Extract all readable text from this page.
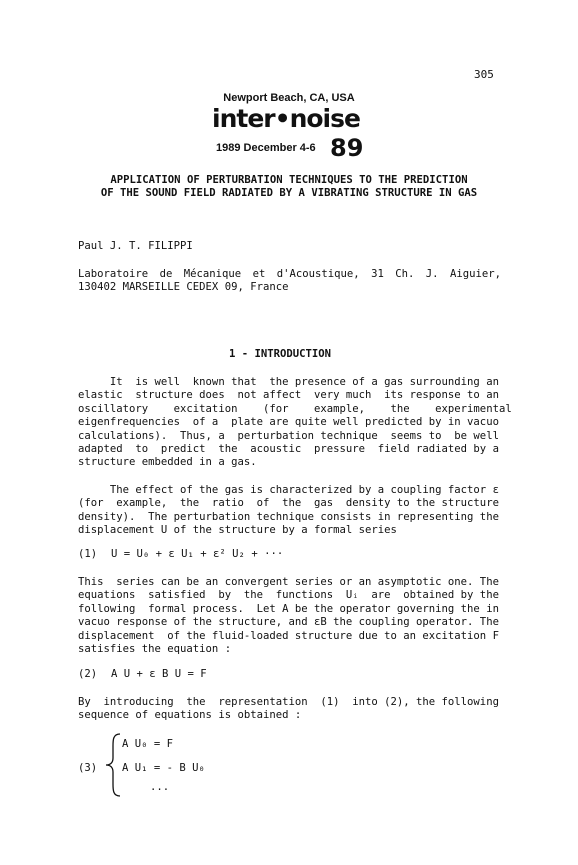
305
Newport Beach, CA, USA
inter•noise
1989 December 4-6 89
APPLICATION OF PERTURBATION TECHNIQUES TO THE PREDICTION
OF THE SOUND FIELD RADIATED BY A VIBRATING STRUCTURE IN GAS
Paul J. T. FILIPPI
Laboratoire de Mécanique et d'Acoustique, 31 Ch. J. Aiguier,
130402 MARSEILLE CEDEX 09, France
1 - INTRODUCTION
It  is well  known that  the presence of a gas surrounding an
elastic  structure does  not affect  very much  its response to an
oscillatory    excitation    (for    example,    the    experimental
eigenfrequencies  of a  plate are quite well predicted by in vacuo
calculations).  Thus, a  perturbation technique  seems to  be well
adapted  to  predict  the  acoustic  pressure  field radiated by a
structure embedded in a gas.
The effect of the gas is characterized by a coupling factor ε
(for  example,  the  ratio  of  the  gas  density to the structure
density).  The perturbation technique consists in representing the
displacement U of the structure by a formal series
(1) U = U₀ + ε U₁ + ε² U₂ + ···
This  series can be an convergent series or an asymptotic one. The
equations  satisfied  by  the  functions  Uᵢ  are  obtained by the
following  formal process.  Let A be the operator governing the in
vacuo response of the structure, and εB the coupling operator. The
displacement  of the fluid-loaded structure due to an excitation F
satisfies the equation :
(2) A U + ε B U = F
By  introducing  the  representation  (1)  into (2), the following
sequence of equations is obtained :
(3)
A U₀ = F
A U₁ = - B U₀
...
